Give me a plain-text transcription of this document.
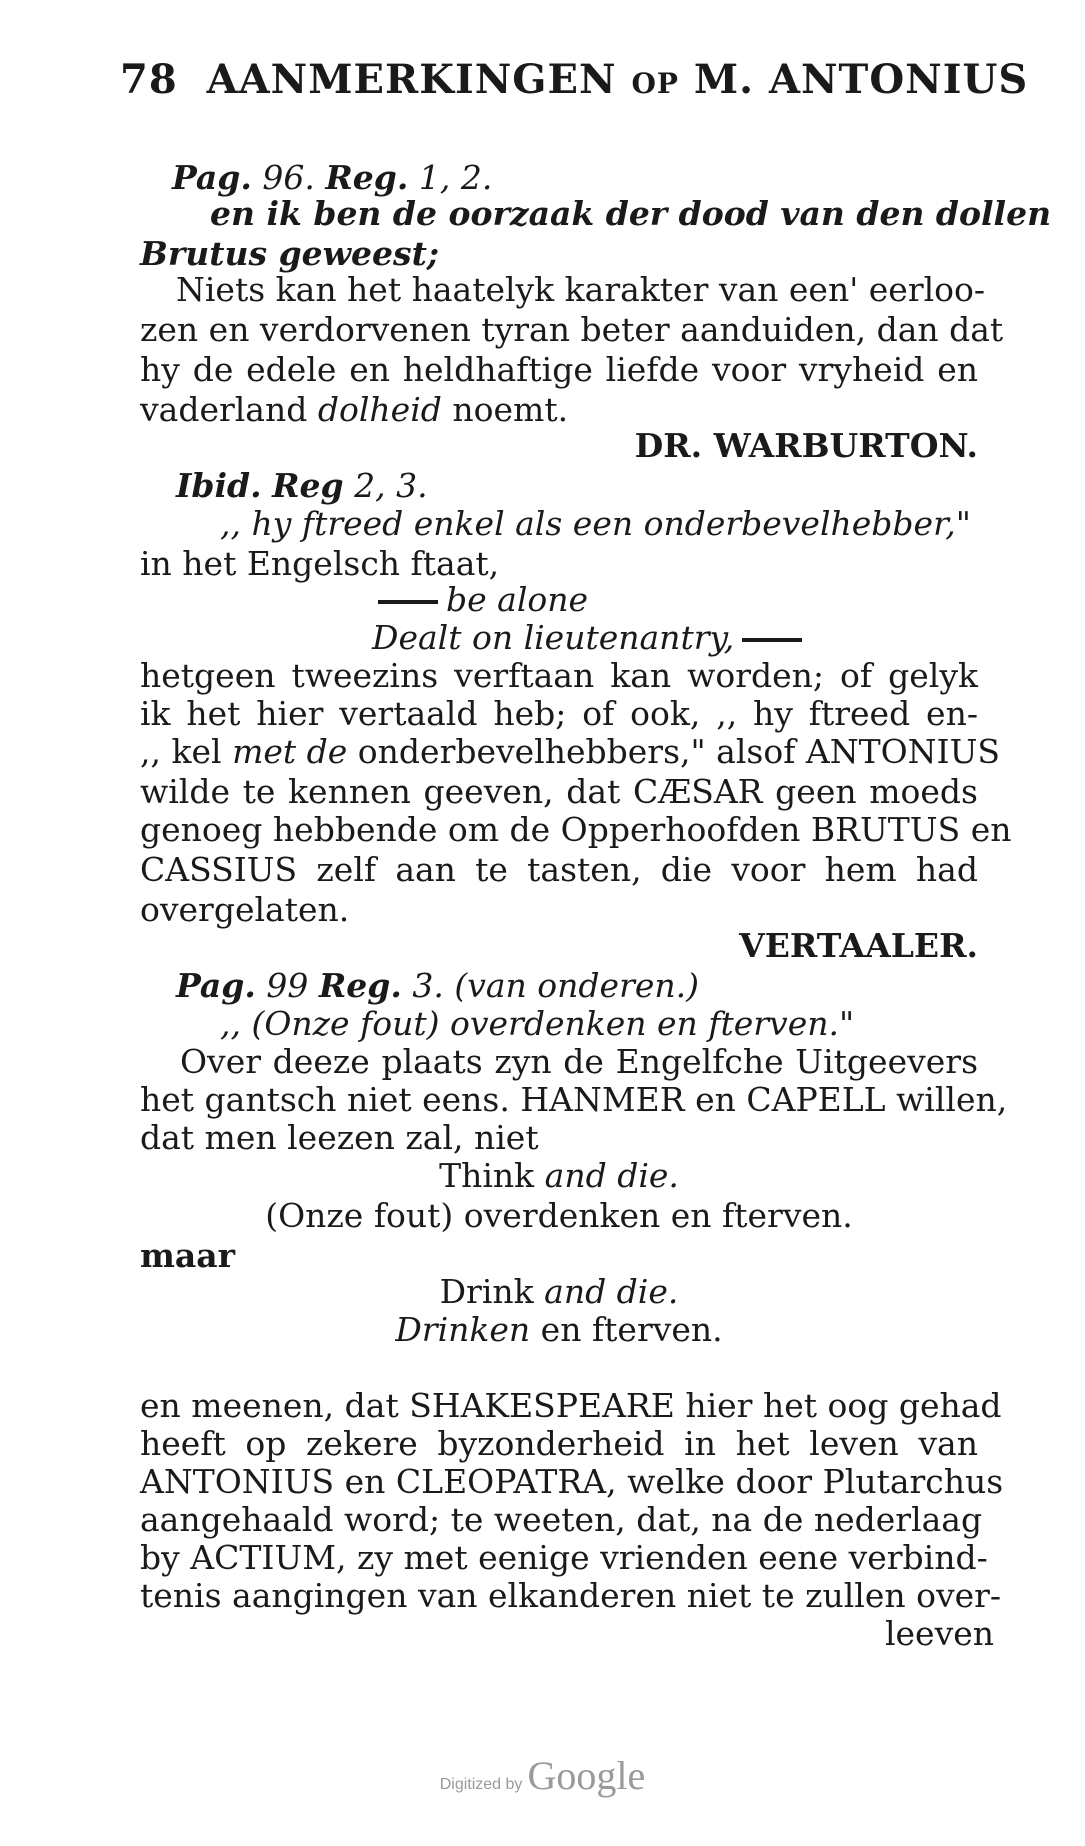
78 AANMERKINGEN OP M. ANTONIUS
Pag. 96. Reg. 1, 2.
en ik ben de oorzaak der dood van den dollen
Brutus geweest;
Niets kan het haatelyk karakter van een' eerloo-
zen en verdorvenen tyran beter aanduiden, dan dat
hy de edele en heldhaftige liefde voor vryheid en
vaderland dolheid noemt.
DR. WARBURTON.
Ibid. Reg 2, 3.
,, hy ftreed enkel als een onderbevelhebber,"
in het Engelsch ftaat,
be alone
Dealt on lieutenantry,
hetgeen tweezins verftaan kan worden; of gelyk
ik het hier vertaald heb; of ook, ,, hy ftreed en-
,, kel met de onderbevelhebbers," alsof ANTONIUS
wilde te kennen geeven, dat CÆSAR geen moeds
genoeg hebbende om de Opperhoofden BRUTUS en
CASSIUS zelf aan te tasten, die voor hem had
overgelaten.
VERTAALER.
Pag. 99 Reg. 3. (van onderen.)
,, (Onze fout) overdenken en fterven."
Over deeze plaats zyn de Engelfche Uitgeevers
het gantsch niet eens. HANMER en CAPELL willen,
dat men leezen zal, niet
Think and die.
(Onze fout) overdenken en fterven.
maar
Drink and die.
Drinken en fterven.
en meenen, dat SHAKESPEARE hier het oog gehad
heeft op zekere byzonderheid in het leven van
ANTONIUS en CLEOPATRA, welke door Plutarchus
aangehaald word; te weeten, dat, na de nederlaag
by ACTIUM, zy met eenige vrienden eene verbind-
tenis aangingen van elkanderen niet te zullen over-
leeven
Digitized by Google
